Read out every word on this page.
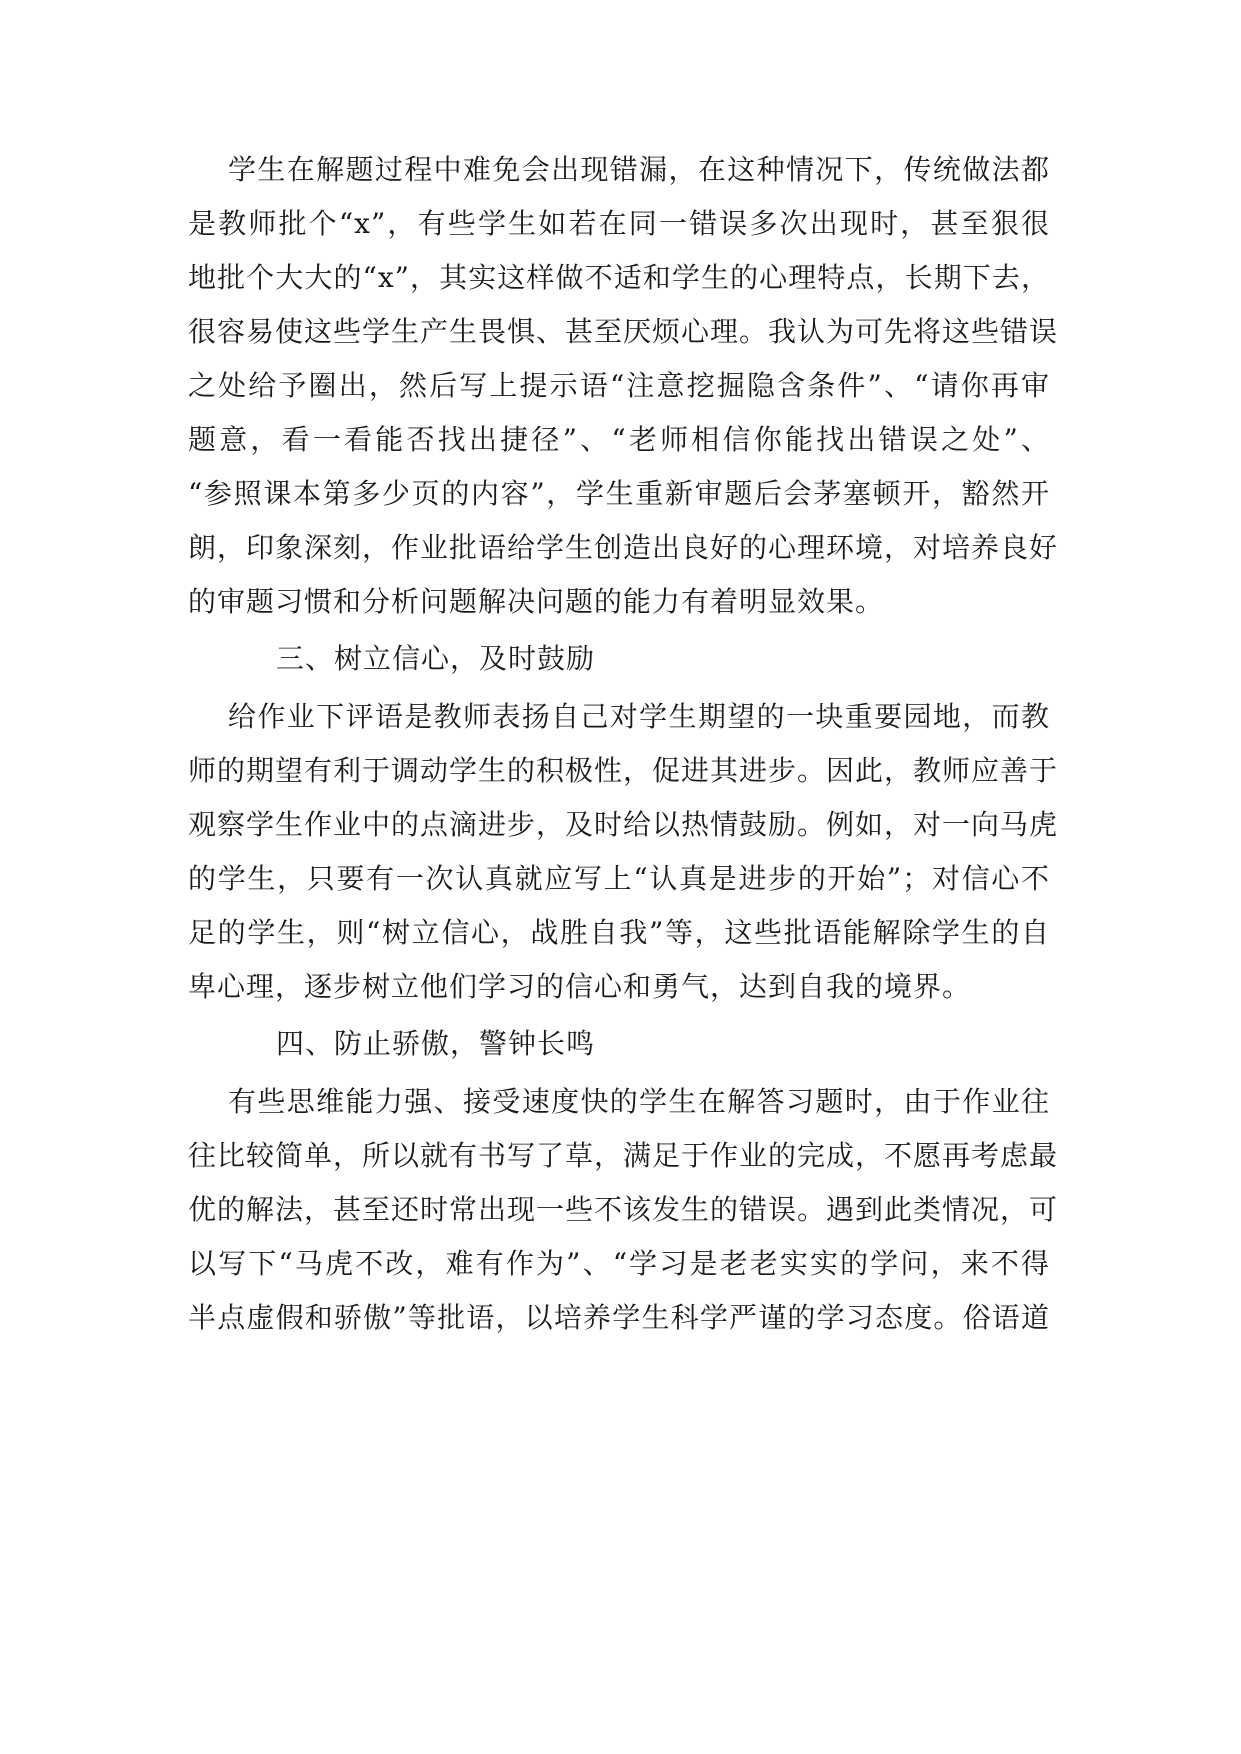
学生在解题过程中难免会出现错漏，在这种情况下，传统做法都
是教师批个“x”，有些学生如若在同一错误多次出现时，甚至狠很
地批个大大的“x”，其实这样做不适和学生的心理特点，长期下去，
很容易使这些学生产生畏惧、甚至厌烦心理。我认为可先将这些错误
之处给予圈出，然后写上提示语“注意挖掘隐含条件”、“请你再审
题意，看一看能否找出捷径”、“老师相信你能找出错误之处”、
“参照课本第多少页的内容”，学生重新审题后会茅塞顿开，豁然开
朗，印象深刻，作业批语给学生创造出良好的心理环境，对培养良好
的审题习惯和分析问题解决问题的能力有着明显效果。
三、树立信心，及时鼓励
给作业下评语是教师表扬自己对学生期望的一块重要园地，而教
师的期望有利于调动学生的积极性，促进其进步。因此，教师应善于
观察学生作业中的点滴进步，及时给以热情鼓励。例如，对一向马虎
的学生，只要有一次认真就应写上“认真是进步的开始”；对信心不
足的学生，则“树立信心，战胜自我”等，这些批语能解除学生的自
卑心理，逐步树立他们学习的信心和勇气，达到自我的境界。
四、防止骄傲，警钟长鸣
有些思维能力强、接受速度快的学生在解答习题时，由于作业往
往比较简单，所以就有书写了草，满足于作业的完成，不愿再考虑最
优的解法，甚至还时常出现一些不该发生的错误。遇到此类情况，可
以写下“马虎不改，难有作为”、“学习是老老实实的学问，来不得
半点虚假和骄傲”等批语，以培养学生科学严谨的学习态度。俗语道
